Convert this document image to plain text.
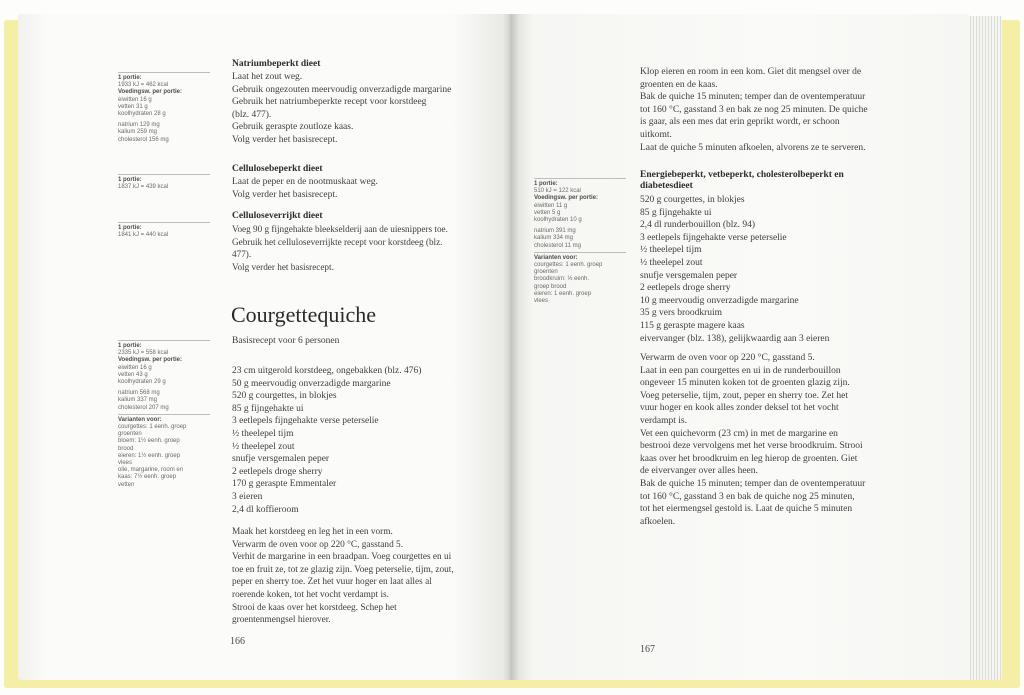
1 portie:
1933 kJ = 462 kcal
Voedingsw. per portie:
eiwitten 16 g
vetten 31 g
koolhydraten 28 g
natrium 129 mg
kalium 259 mg
cholesterol 156 mg
Natriumbeperkt dieet
Laat het zout weg.
Gebruik ongezouten meervoudig onverzadigde margarine
Gebruik het natriumbeperkte recept voor korstdeeg
(blz. 477).
Gebruik geraspte zoutloze kaas.
Volg verder het basisrecept.
1 portie:
1837 kJ = 439 kcal
Cellulosebeperkt dieet
Laat de peper en de nootmuskaat weg.
Volg verder het basisrecept.
1 portie:
1841 kJ = 440 kcal
Celluloseverrijkt dieet
Voeg 90 g fijngehakte bleekselderij aan de uiesnippers toe.
Gebruik het celluloseverrijkte recept voor korstdeeg (blz.
477).
Volg verder het basisrecept.
Courgettequiche
Basisrecept voor 6 personen
1 portie:
2335 kJ = 558 kcal
Voedingsw. per portie:
eiwitten 16 g
vetten 43 g
koolhydraten 29 g
natrium 568 mg
kalium 337 mg
cholesterol 207 mg
Varianten voor:
courgettes: 1 eenh. groep
groenten
bloem: 1½ eenh. groep
brood
eieren: 1½ eenh. groep
vlees
olie, margarine, room en
kaas: 7½ eenh. groep
vetten
23 cm uitgerold korstdeeg, ongebakken (blz. 476)
50 g meervoudig onverzadigde margarine
520 g courgettes, in blokjes
85 g fijngehakte ui
3 eetlepels fijngehakte verse peterselie
½ theelepel tijm
½ theelepel zout
snufje versgemalen peper
2 eetlepels droge sherry
170 g geraspte Emmentaler
3 eieren
2,4 dl koffieroom
Maak het korstdeeg en leg het in een vorm.
Verwarm de oven voor op 220 °C, gasstand 5.
Verhit de margarine in een braadpan. Voeg courgettes en ui
toe en fruit ze, tot ze glazig zijn. Voeg peterselie, tijm, zout,
peper en sherry toe. Zet het vuur hoger en laat alles al
roerende koken, tot het vocht verdampt is.
Strooi de kaas over het korstdeeg. Schep het
groentenmengsel hierover.
166
Klop eieren en room in een kom. Giet dit mengsel over de
groenten en de kaas.
Bak de quiche 15 minuten; temper dan de oventemperatuur
tot 160 °C, gasstand 3 en bak ze nog 25 minuten. De quiche
is gaar, als een mes dat erin geprikt wordt, er schoon
uitkomt.
Laat de quiche 5 minuten afkoelen, alvorens ze te serveren.
1 portie:
510 kJ = 122 kcal
Voedingsw. per portie:
eiwitten 11 g
vetten 5 g
koolhydraten 10 g
natrium 391 mg
kalium 334 mg
cholesterol 11 mg
Varianten voor:
courgettes: 1 eenh. groep
groenten
broodkruim: ⅓ eenh.
groep brood
eieren: 1 eenh. groep
vlees
Energiebeperkt, vetbeperkt, cholesterolbeperkt en
diabetesdieet
520 g courgettes, in blokjes
85 g fijngehakte ui
2,4 dl runderbouillon (blz. 94)
3 eetlepels fijngehakte verse peterselie
½ theelepel tijm
½ theelepel zout
snufje versgemalen peper
2 eetlepels droge sherry
10 g meervoudig onverzadigde margarine
35 g vers broodkruim
115 g geraspte magere kaas
eivervanger (blz. 138), gelijkwaardig aan 3 eieren
Verwarm de oven voor op 220 °C, gasstand 5.
Laat in een pan courgettes en ui in de runderbouillon
ongeveer 15 minuten koken tot de groenten glazig zijn.
Voeg peterselie, tijm, zout, peper en sherry toe. Zet het
vuur hoger en kook alles zonder deksel tot het vocht
verdampt is.
Vet een quichevorm (23 cm) in met de margarine en
bestrooi deze vervolgens met het verse broodkruim. Strooi
kaas over het broodkruim en leg hierop de groenten. Giet
de eivervanger over alles heen.
Bak de quiche 15 minuten; temper dan de oventemperatuur
tot 160 °C, gasstand 3 en bak de quiche nog 25 minuten,
tot het eiermengsel gestold is. Laat de quiche 5 minuten
afkoelen.
167
